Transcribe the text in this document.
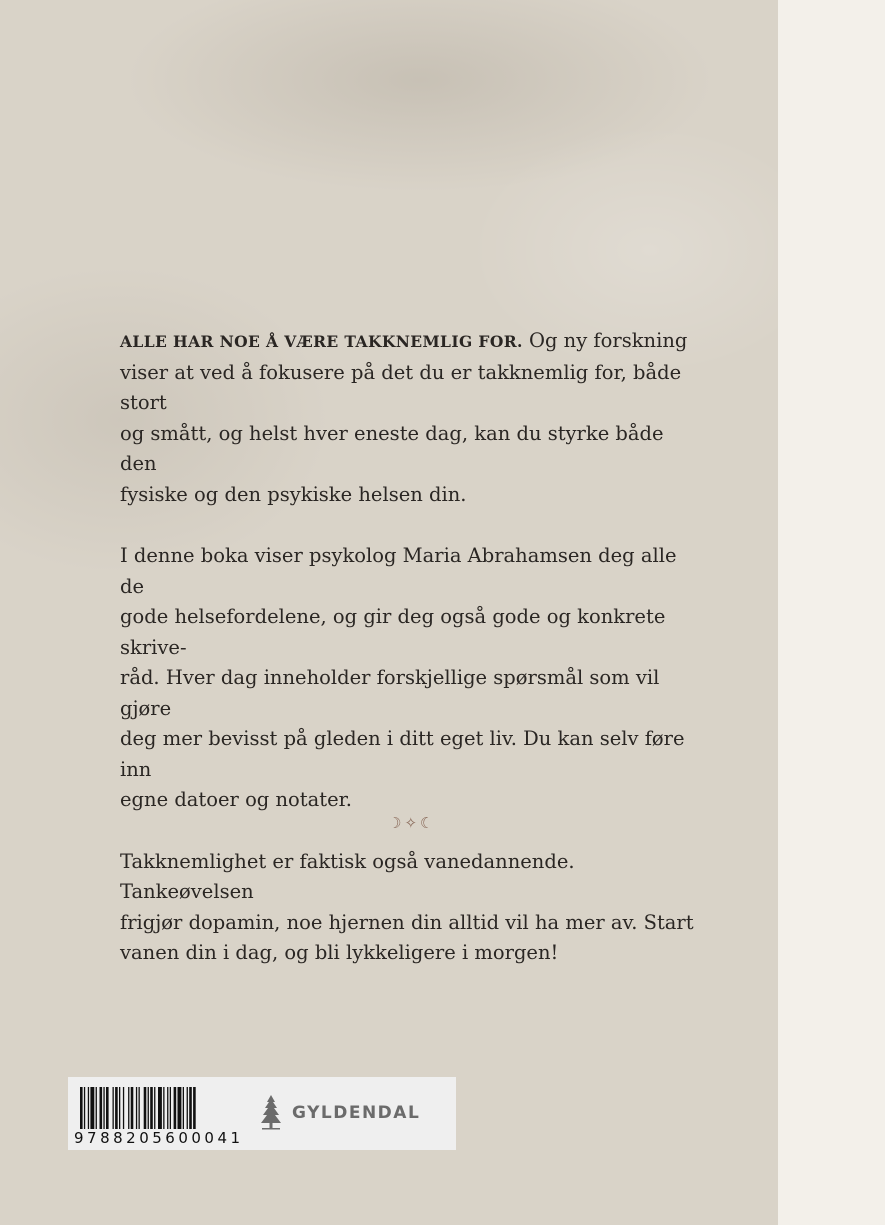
ALLE HAR NOE Å VÆRE TAKKNEMLIG FOR. Og ny forskning
viser at ved å fokusere på det du er takknemlig for, både stort
og smått, og helst hver eneste dag, kan du styrke både den
fysiske og den psykiske helsen din.

I denne boka viser psykolog Maria Abrahamsen deg alle de
gode helsefordelene, og gir deg også gode og konkrete skrive-
råd. Hver dag inneholder forskjellige spørsmål som vil gjøre
deg mer bevisst på gleden i ditt eget liv. Du kan selv føre inn
egne datoer og notater.

Takknemlighet er faktisk også vanedannende. Tankeøvelsen
frigjør dopamin, noe hjernen din alltid vil ha mer av. Start
vanen din i dag, og bli lykkeligere i morgen!

☽✧☾
9788205600041
GYLDENDAL
